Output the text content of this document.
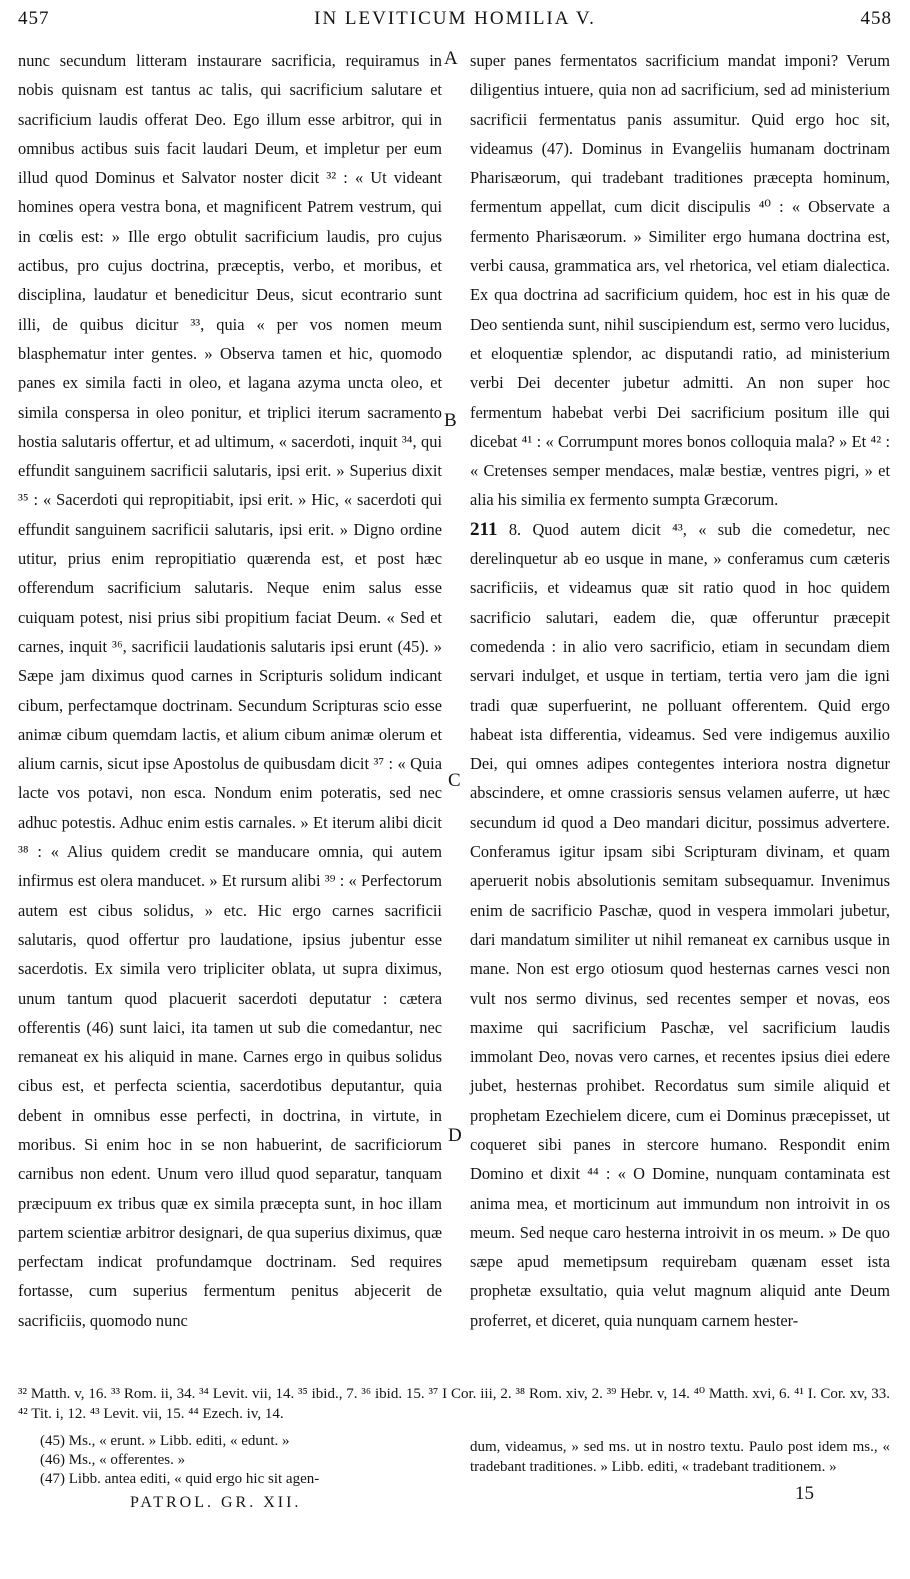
457	IN LEVITICUM HOMILIA V.	458

nunc secundum litteram instaurare sacrificia, requiramus in nobis quisnam est tantus ac talis, qui sacrificium salutare et sacrificium laudis offerat Deo. Ego illum esse arbitror, qui in omnibus actibus suis facit laudari Deum, et impletur per eum illud quod Dominus et Salvator noster dicit ³² : « Ut videant homines opera vestra bona, et magnificent Patrem vestrum, qui in cœlis est: » Ille ergo obtulit sacrificium laudis, pro cujus actibus, pro cujus doctrina, præceptis, verbo, et moribus, et disciplina, laudatur et benedicitur Deus, sicut econtrario sunt illi, de quibus dicitur ³³, quia « per vos nomen meum blasphematur inter gentes. » Observa tamen et hic, quomodo panes ex simila facti in oleo, et lagana azyma uncta oleo, et simila conspersa in oleo ponitur, et triplici iterum sacramento hostia salutaris offertur, et ad ultimum, « sacerdoti, inquit ³⁴, qui effundit sanguinem sacrificii salutaris, ipsi erit. » Superius dixit ³⁵ : « Sacerdoti qui repropitiabit, ipsi erit. » Hic, « sacerdoti qui effundit sanguinem sacrificii salutaris, ipsi erit. » Digno ordine utitur, prius enim repropitiatio quærenda est, et post hæc offerendum sacrificium salutaris. Neque enim salus esse cuiquam potest, nisi prius sibi propitium faciat Deum. « Sed et carnes, inquit ³⁶, sacrificii laudationis salutaris ipsi erunt (45). » Sæpe jam diximus quod carnes in Scripturis solidum indicant cibum, perfectamque doctrinam. Secundum Scripturas scio esse animæ cibum quemdam lactis, et alium cibum animæ olerum et alium carnis, sicut ipse Apostolus de quibusdam dicit ³⁷ : « Quia lacte vos potavi, non esca. Nondum enim poteratis, sed nec adhuc potestis. Adhuc enim estis carnales. » Et iterum alibi dicit ³⁸ : « Alius quidem credit se manducare omnia, qui autem infirmus est olera manducet. » Et rursum alibi ³⁹ : « Perfectorum autem est cibus solidus, » etc. Hic ergo carnes sacrificii salutaris, quod offertur pro laudatione, ipsius jubentur esse sacerdotis. Ex simila vero tripliciter oblata, ut supra diximus, unum tantum quod placuerit sacerdoti deputatur : cætera offerentis (46) sunt laici, ita tamen ut sub die comedantur, nec remaneat ex his aliquid in mane. Carnes ergo in quibus solidus cibus est, et perfecta scientia, sacerdotibus deputantur, quia debent in omnibus esse perfecti, in doctrina, in virtute, in moribus. Si enim hoc in se non habuerint, de sacrificiorum carnibus non edent. Unum vero illud quod separatur, tanquam præcipuum ex tribus quæ ex simila præcepta sunt, in hoc illam partem scientiæ arbitror designari, de qua superius diximus, quæ perfectam indicat profundamque doctrinam. Sed requires fortasse, cum superius fermentum penitus abjecerit de sacrificiis, quomodo nunc

super panes fermentatos sacrificium mandat imponi? Verum diligentius intuere, quia non ad sacrificium, sed ad ministerium sacrificii fermentatus panis assumitur. Quid ergo hoc sit, videamus (47). Dominus in Evangeliis humanam doctrinam Pharisæorum, qui tradebant traditiones præcepta hominum, fermentum appellat, cum dicit discipulis ⁴⁰ : « Observate a fermento Pharisæorum. » Similiter ergo humana doctrina est, verbi causa, grammatica ars, vel rhetorica, vel etiam dialectica. Ex qua doctrina ad sacrificium quidem, hoc est in his quæ de Deo sentienda sunt, nihil suscipiendum est, sermo vero lucidus, et eloquentiæ splendor, ac disputandi ratio, ad ministerium verbi Dei decenter jubetur admitti. An non super hoc fermentum habebat verbi Dei sacrificium positum ille qui dicebat ⁴¹ : « Corrumpunt mores bonos colloquia mala? » Et ⁴² : « Cretenses semper mendaces, malæ bestiæ, ventres pigri, » et alia his similia ex fermento sumpta Græcorum.

211 8. Quod autem dicit ⁴³, « sub die comedetur, nec derelinquetur ab eo usque in mane, » conferamus cum cæteris sacrificiis, et videamus quæ sit ratio quod in hoc quidem sacrificio salutari, eadem die, quæ offeruntur præcepit comedenda : in alio vero sacrificio, etiam in secundam diem servari indulget, et usque in tertiam, tertia vero jam die igni tradi quæ superfuerint, ne polluant offerentem. Quid ergo habeat ista differentia, videamus. Sed vere indigemus auxilio Dei, qui omnes adipes contegentes interiora nostra dignetur abscindere, et omne crassioris sensus velamen auferre, ut hæc secundum id quod a Deo mandari dicitur, possimus advertere. Conferamus igitur ipsam sibi Scripturam divinam, et quam aperuerit nobis absolutionis semitam subsequamur. Invenimus enim de sacrificio Paschæ, quod in vespera immolari jubetur, dari mandatum similiter ut nihil remaneat ex carnibus usque in mane. Non est ergo otiosum quod hesternas carnes vesci non vult nos sermo divinus, sed recentes semper et novas, eos maxime qui sacrificium Paschæ, vel sacrificium laudis immolant Deo, novas vero carnes, et recentes ipsius diei edere jubet, hesternas prohibet. Recordatus sum simile aliquid et prophetam Ezechielem dicere, cum ei Dominus præcepisset, ut coqueret sibi panes in stercore humano. Respondit enim Domino et dixit ⁴⁴ : « O Domine, nunquam contaminata est anima mea, et morticinum aut immundum non introivit in os meum. Sed neque caro hesterna introivit in os meum. » De quo sæpe apud memetipsum requirebam quænam esset ista prophetæ exsultatio, quia velut magnum aliquid ante Deum proferret, et diceret, quia nunquam carnem hester-

A
B
C
D
³² Matth. v, 16. ³³ Rom. ii, 34. ³⁴ Levit. vii, 14. ³⁵ ibid., 7. ³⁶ ibid. 15. ³⁷ I Cor. iii, 2. ³⁸ Rom. xiv, 2. ³⁹ Hebr. v, 14. ⁴⁰ Matth. xvi, 6. ⁴¹ I. Cor. xv, 33. ⁴² Tit. i, 12. ⁴³ Levit. vii, 15. ⁴⁴ Ezech. iv, 14.
(45) Ms., « erunt. » Libb. editi, « edunt. »
(46) Ms., « offerentes. »
(47) Libb. antea editi, « quid ergo hic sit agen-
dum, videamus, » sed ms. ut in nostro textu. Paulo post idem ms., « tradebant traditiones. » Libb. editi, « tradebant traditionem. »
PATROL. GR. XII.	15
